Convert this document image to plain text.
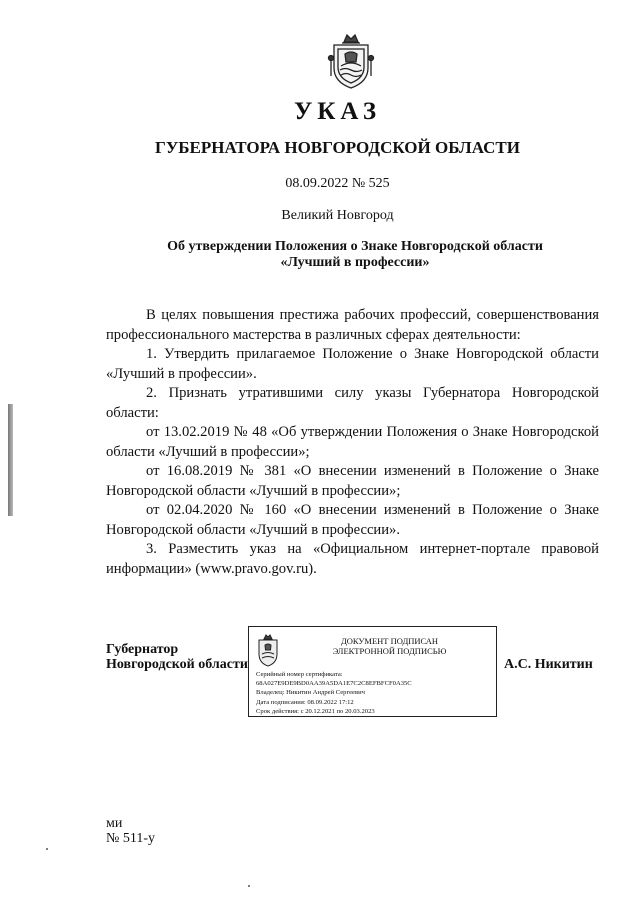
УКАЗ
ГУБЕРНАТОРА НОВГОРОДСКОЙ ОБЛАСТИ
08.09.2022 № 525
Великий Новгород
Об утверждении Положения о Знаке Новгородской области
«Лучший в профессии»

В целях повышения престижа рабочих профессий, совершенствования профессионального мастерства в различных сферах деятельности:

1. Утвердить прилагаемое Положение о Знаке Новгородской области «Лучший в профессии».

2. Признать утратившими силу указы Губернатора Новгородской области:

от 13.02.2019 № 48 «Об утверждении Положения о Знаке Новгородской области «Лучший в профессии»;

от 16.08.2019 № 381 «О внесении изменений в Положение о Знаке Новгородской области «Лучший в профессии»;

от 02.04.2020 № 160 «О внесении изменений в Положение о Знаке Новгородской области «Лучший в профессии».

3. Разместить указ на «Официальном интернет-портале правовой информации» (www.pravo.gov.ru).

Губернатор
Новгородской области
ДОКУМЕНТ ПОДПИСАН
ЭЛЕКТРОННОЙ ПОДПИСЬЮ
Серийный номер сертификата:
68A027E9DE9BD0AA39A5DA1E7C2C8EFBFCF0A35C
Владелец: Никитин Андрей Сергеевич
Дата подписания: 08.09.2022 17:12
Срок действия: с 20.12.2021 по 20.03.2023
А.С. Никитин
ми
№ 511-у
